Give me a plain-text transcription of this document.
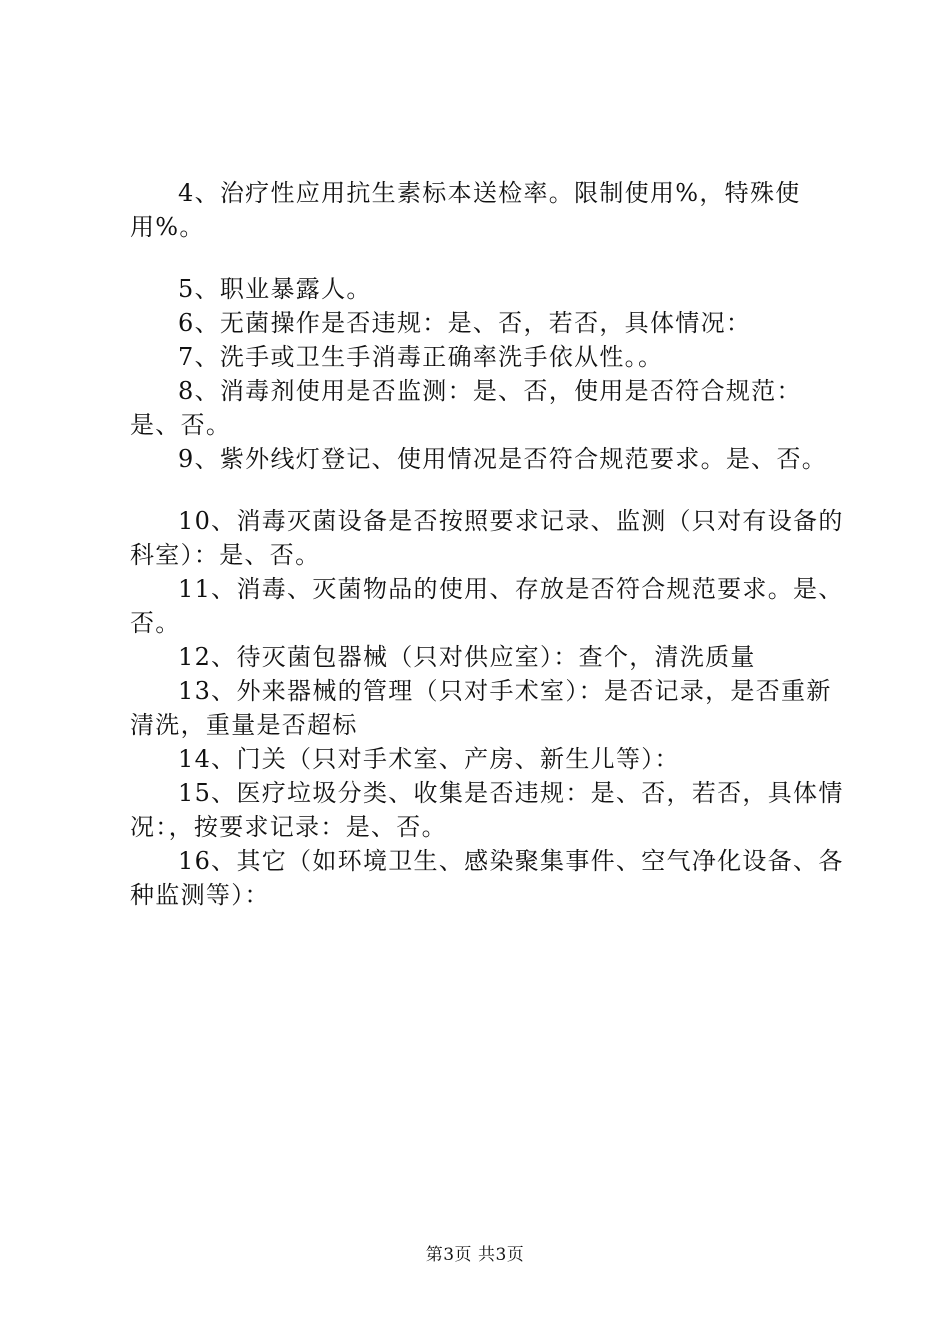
4、治疗性应用抗生素标本送检率。限制使用%，特殊使用%。

5、职业暴露人。

6、无菌操作是否违规：是、否，若否，具体情况：

7、洗手或卫生手消毒正确率洗手依从性。。

8、消毒剂使用是否监测：是、否，使用是否符合规范：是、否。

9、紫外线灯登记、使用情况是否符合规范要求。是、否。

10、消毒灭菌设备是否按照要求记录、监测（只对有设备的科室）：是、否。

11、消毒、灭菌物品的使用、存放是否符合规范要求。是、否。

12、待灭菌包器械（只对供应室）：查个，清洗质量

13、外来器械的管理（只对手术室）：是否记录，是否重新清洗，重量是否超标

14、门关（只对手术室、产房、新生儿等）：

15、医疗垃圾分类、收集是否违规：是、否，若否，具体情况：，按要求记录：是、否。

16、其它（如环境卫生、感染聚集事件、空气净化设备、各种监测等）：

第3页 共3页
